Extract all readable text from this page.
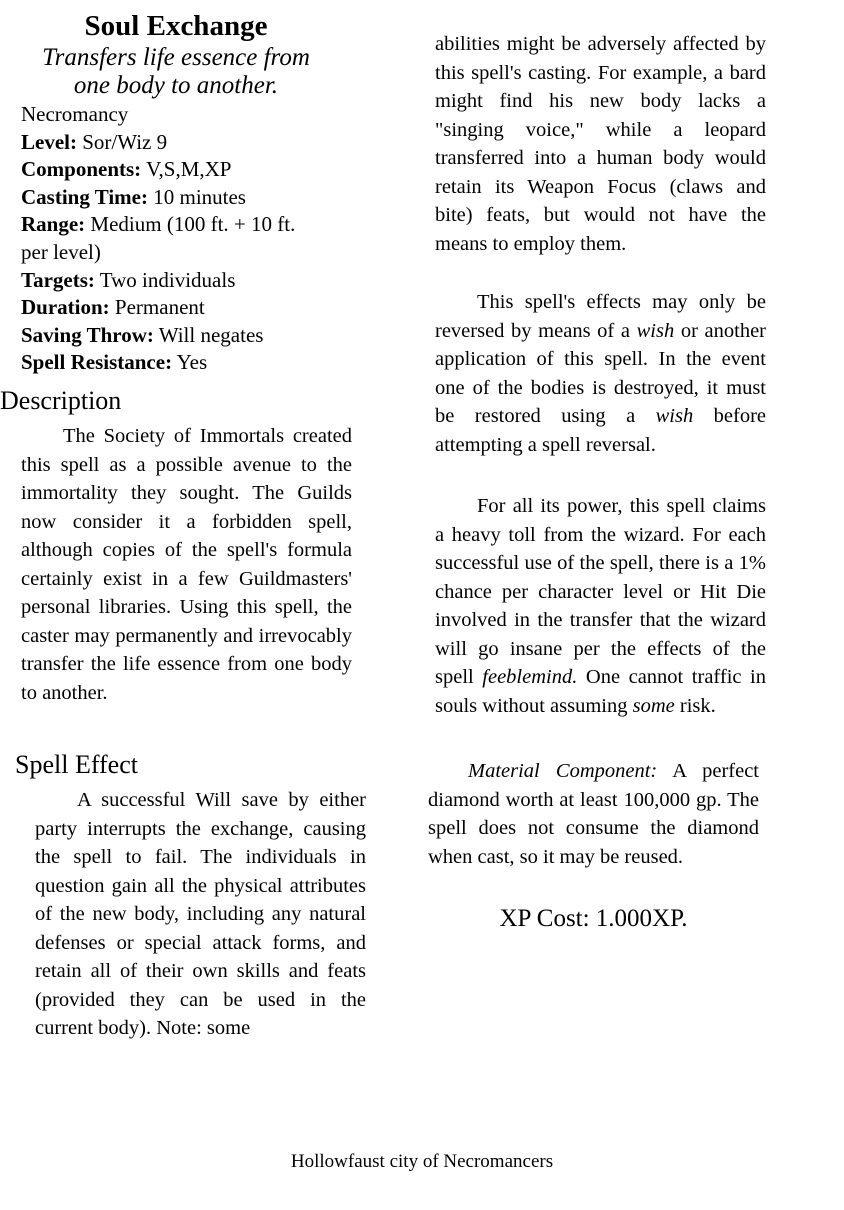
Soul Exchange
Transfers life essence from
one body to another.
Necromancy
Level: Sor/Wiz 9
Components: V,S,M,XP
Casting Time: 10 minutes
Range: Medium (100 ft. + 10 ft.
per level)
Targets: Two individuals
Duration: Permanent
Saving Throw: Will negates
Spell Resistance: Yes
Description
The Society of Immortals created this spell as a possible avenue to the immortality they sought. The Guilds now consider it a forbidden spell, although copies of the spell's formula certainly exist in a few Guildmasters' personal libraries. Using this spell, the caster may permanently and irrevocably transfer the life essence from one body to another.
Spell Effect
A successful Will save by either party interrupts the exchange, causing the spell to fail. The individuals in question gain all the physical attributes of the new body, including any natural defenses or special attack forms, and retain all of their own skills and feats (provided they can be used in the current body). Note: some
abilities might be adversely affected by this spell's casting. For example, a bard might find his new body lacks a "singing voice," while a leopard transferred into a human body would retain its Weapon Focus (claws and bite) feats, but would not have the means to employ them.
This spell's effects may only be reversed by means of a wish or another application of this spell. In the event one of the bodies is destroyed, it must be restored using a wish before attempting a spell reversal.
For all its power, this spell claims a heavy toll from the wizard. For each successful use of the spell, there is a 1% chance per character level or Hit Die involved in the transfer that the wizard will go insane per the effects of the spell feeblemind. One cannot traffic in souls without assuming some risk.
Material Component: A perfect diamond worth at least 100,000 gp. The spell does not consume the diamond when cast, so it may be reused.
XP Cost: 1.000XP.
Hollowfaust city of Necromancers
